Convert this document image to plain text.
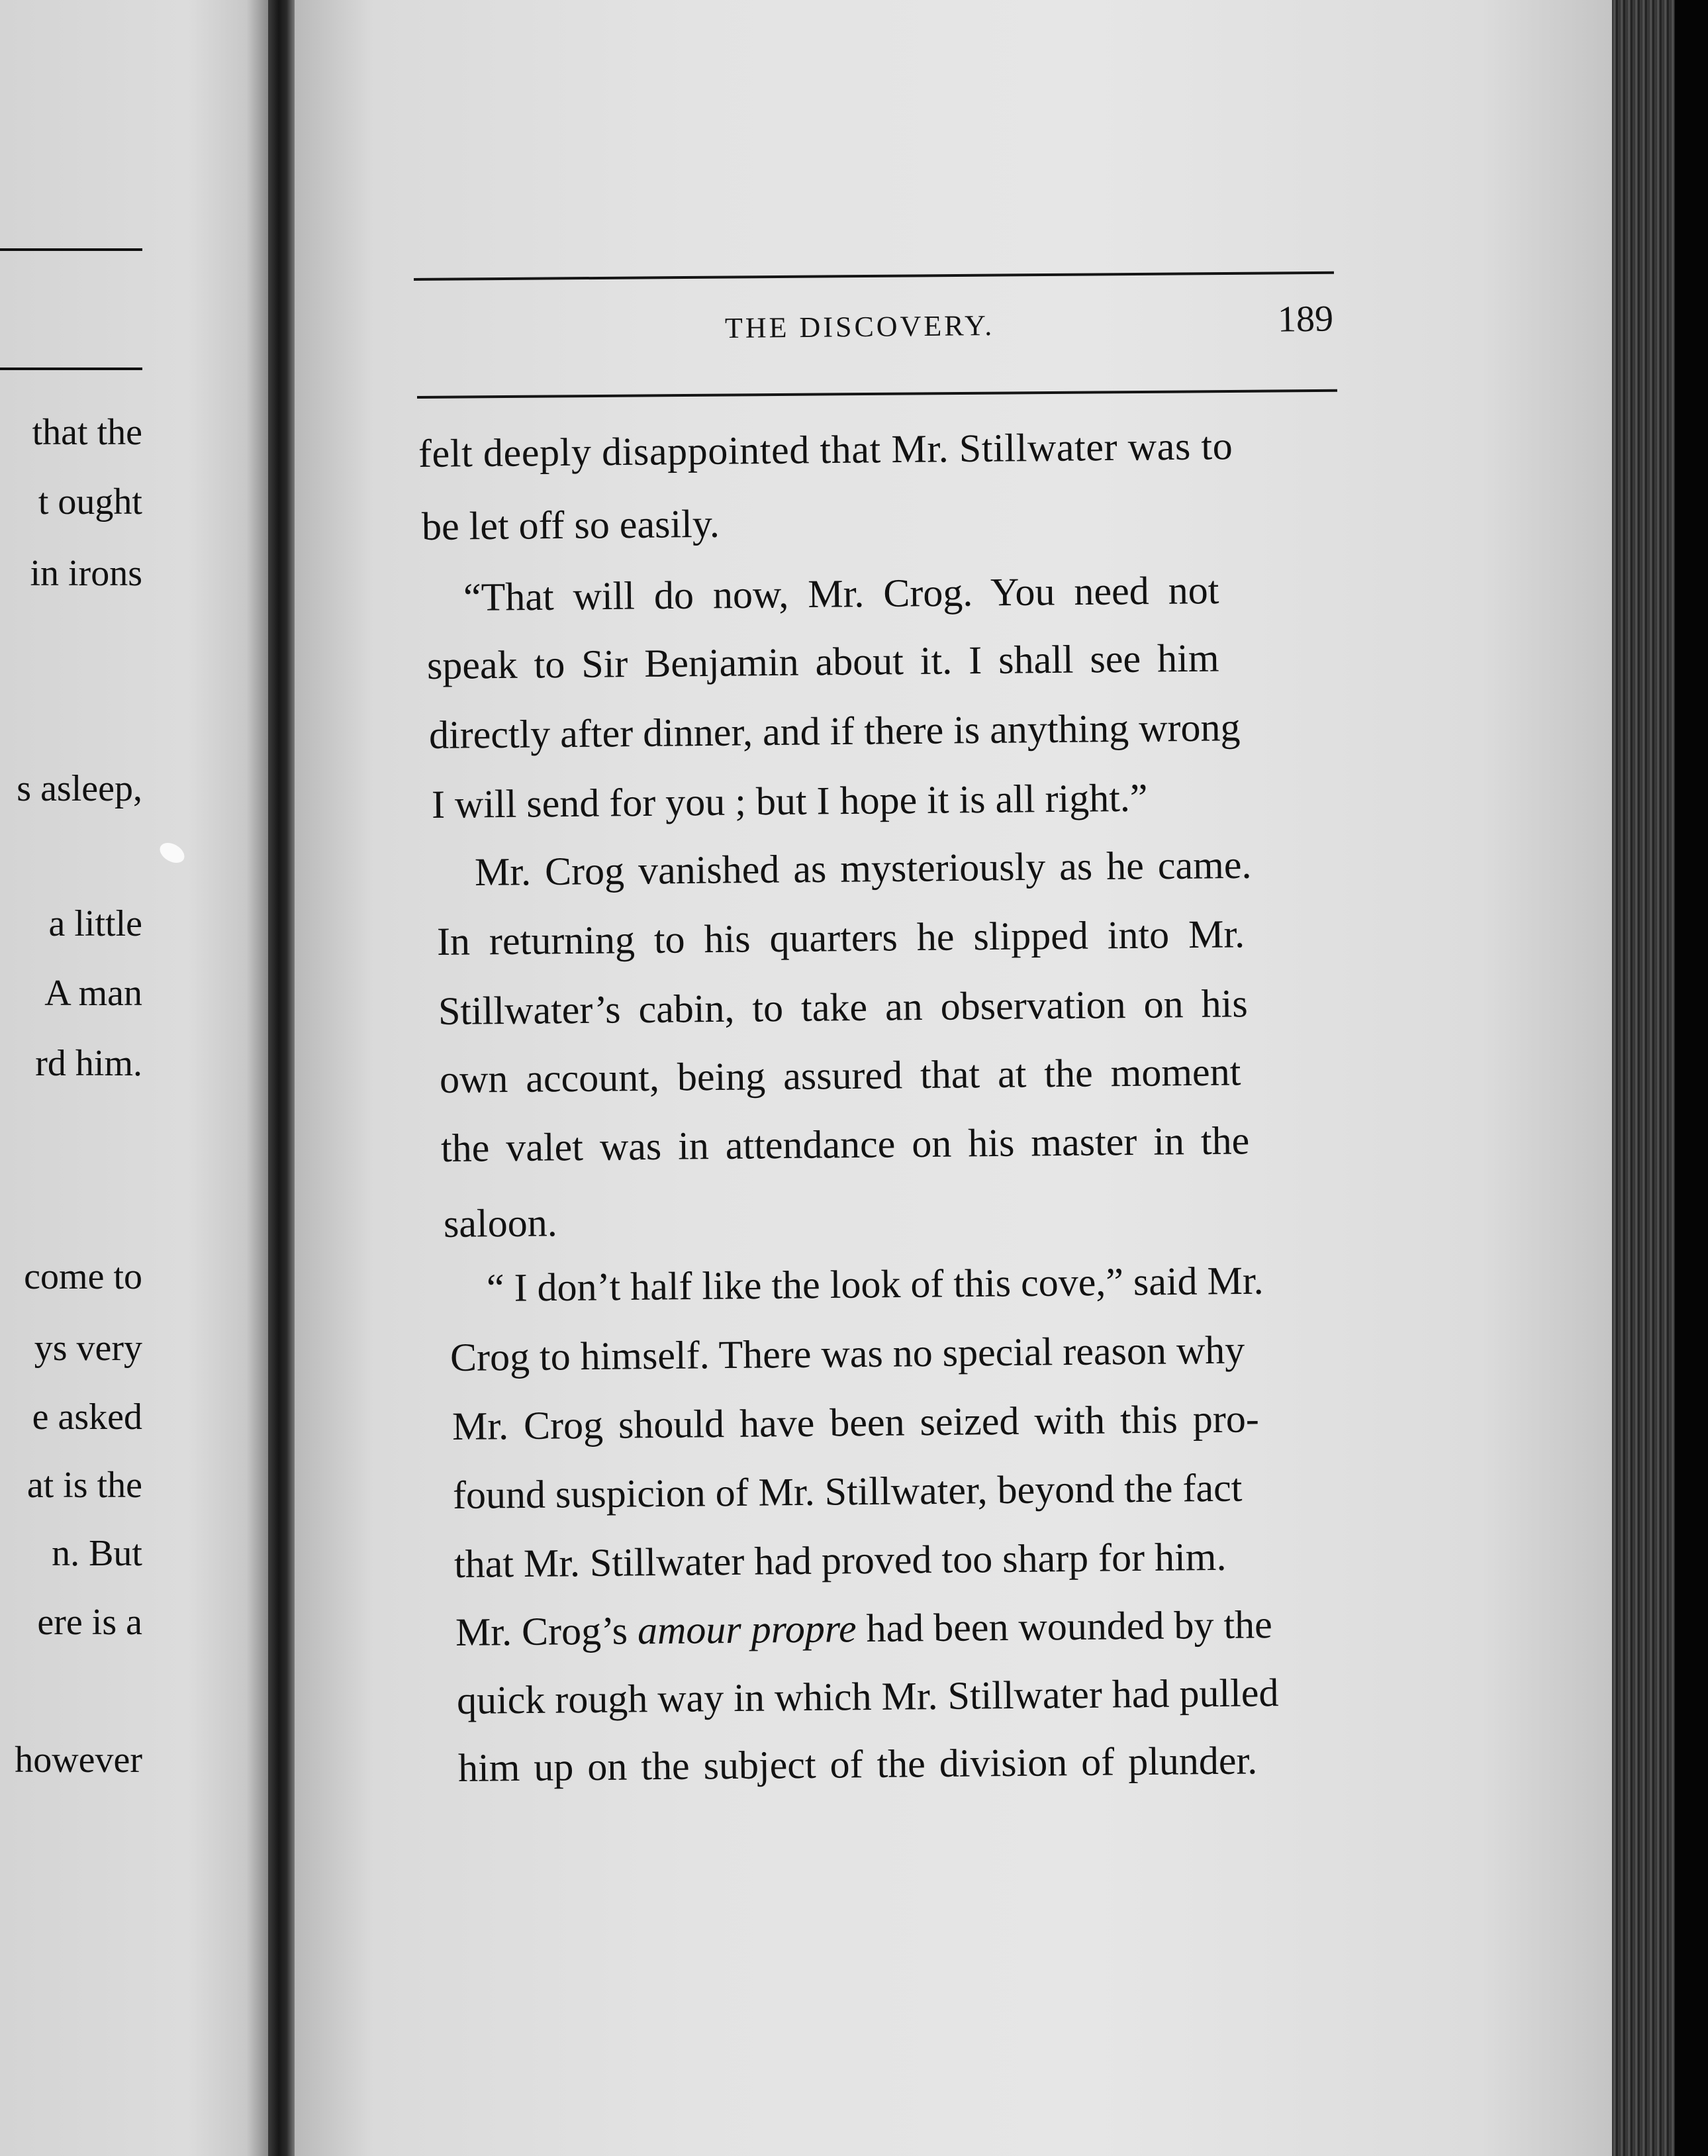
that the
t ought
in irons
s asleep,
a little
A man
rd him.
come to
ys very
e asked
at is the
n. But
ere is a
however
THE DISCOVERY.	189
felt deeply disappointed that Mr. Stillwater was to
be let off so easily.
“That will do now, Mr. Crog. You need not
speak to Sir Benjamin about it. I shall see him
directly after dinner, and if there is anything wrong
I will send for you ; but I hope it is all right.”
Mr. Crog vanished as mysteriously as he came.
In returning to his quarters he slipped into Mr.
Stillwater’s cabin, to take an observation on his
own account, being assured that at the moment
the valet was in attendance on his master in the
saloon.
“ I don’t half like the look of this cove,” said Mr.
Crog to himself. There was no special reason why
Mr. Crog should have been seized with this pro-
found suspicion of Mr. Stillwater, beyond the fact
that Mr. Stillwater had proved too sharp for him.
Mr. Crog’s amour propre had been wounded by the
quick rough way in which Mr. Stillwater had pulled
him up on the subject of the division of plunder.
